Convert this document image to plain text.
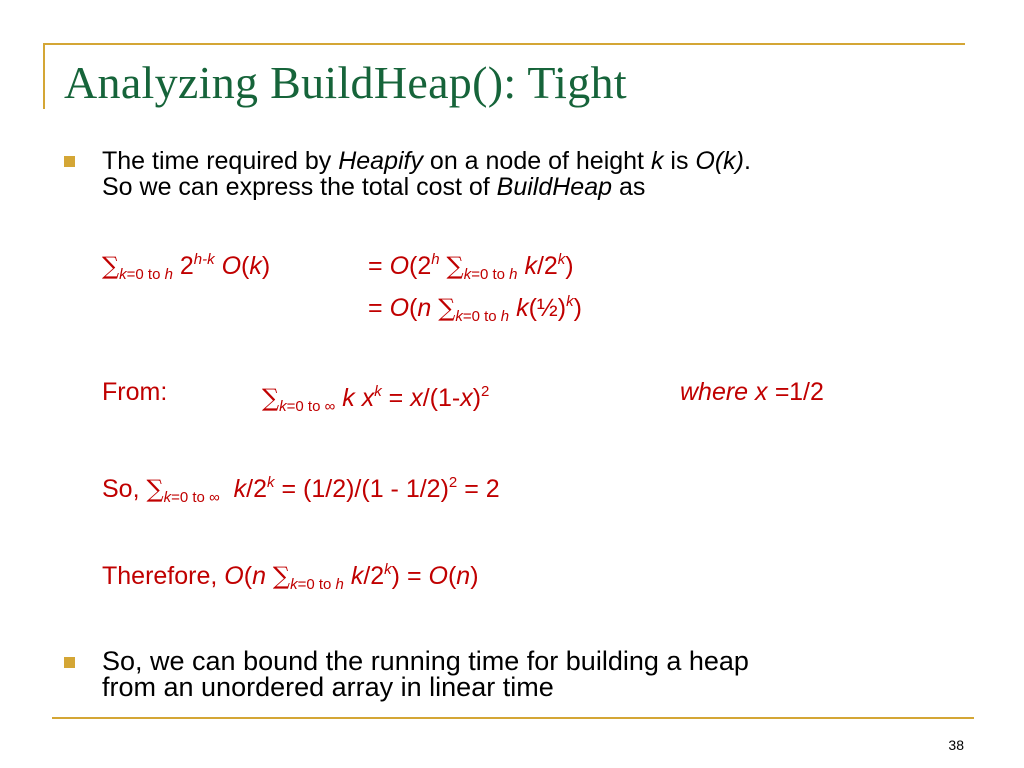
Analyzing BuildHeap(): Tight
The time required by Heapify on a node of height k is O(k).
So we can express the total cost of BuildHeap as
$\sum_{k=0 to h}$ 2$^{h-k}$ O(k)	= $O(2^h$ $\sum_{k=0 to h}$ $k/2^k$)
= O(n $\sum_{k=0 to h}$ k(½)$^k$)
From:	$\sum_{k=0 to \infty}$ k $x^k = x/(1-x)^2$	where x =1/2
So, $\sum_{k=0 to \infty}$ $k/2^k = (1/2)/(1 - 1/2)^2 = 2$
Therefore, O(n $\sum_{k=0 to h}$ $k/2^k) = O(n)$
So, we can bound the running time for building a heap
from an unordered array in linear time
38
